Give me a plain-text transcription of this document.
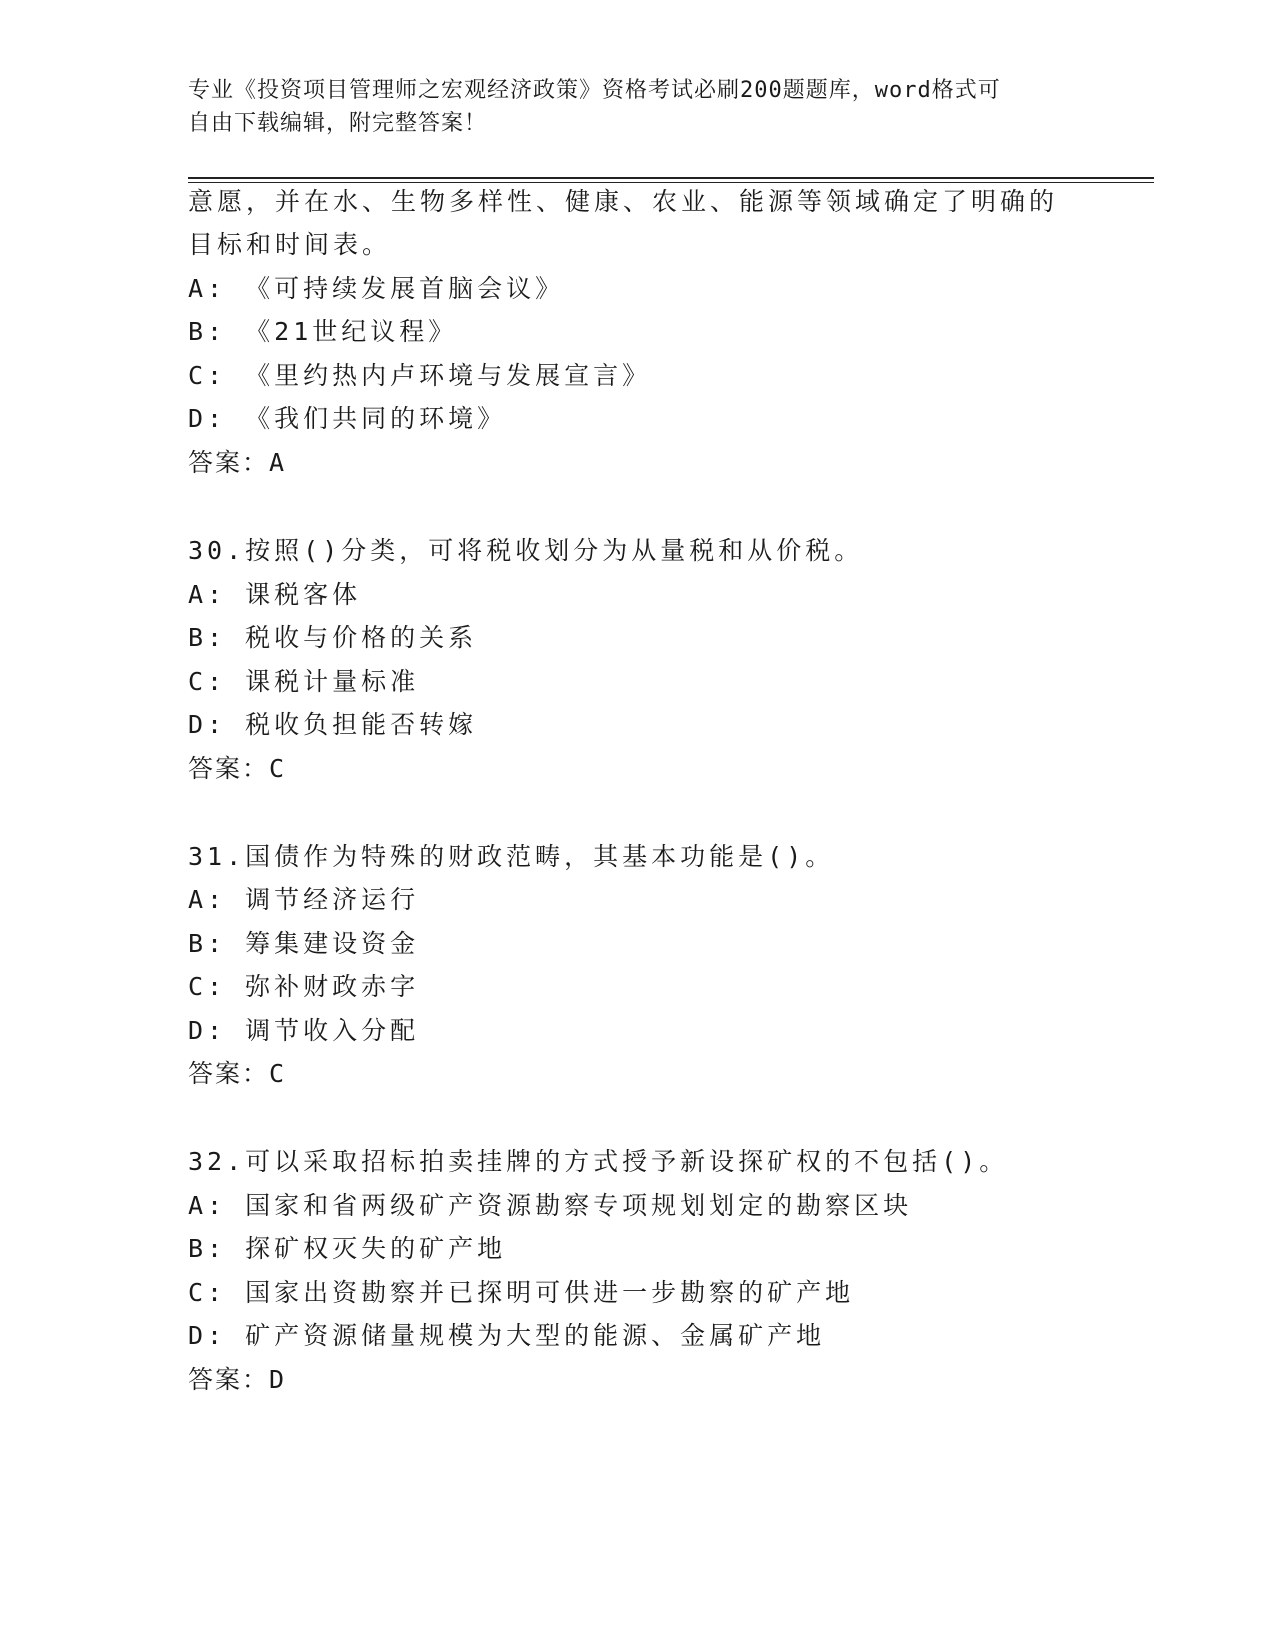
专业《投资项目管理师之宏观经济政策》资格考试必刷200题题库，word格式可
自由下载编辑，附完整答案！
意愿，并在水、生物多样性、健康、农业、能源等领域确定了明确的
目标和时间表。
A: 《可持续发展首脑会议》
B: 《21世纪议程》
C: 《里约热内卢环境与发展宣言》
D: 《我们共同的环境》
答案：A
30.按照()分类，可将税收划分为从量税和从价税。
A: 课税客体
B: 税收与价格的关系
C: 课税计量标准
D: 税收负担能否转嫁
答案：C
31.国债作为特殊的财政范畴，其基本功能是()。
A: 调节经济运行
B: 筹集建设资金
C: 弥补财政赤字
D: 调节收入分配
答案：C
32.可以采取招标拍卖挂牌的方式授予新设探矿权的不包括()。
A: 国家和省两级矿产资源勘察专项规划划定的勘察区块
B: 探矿权灭失的矿产地
C: 国家出资勘察并已探明可供进一步勘察的矿产地
D: 矿产资源储量规模为大型的能源、金属矿产地
答案：D
